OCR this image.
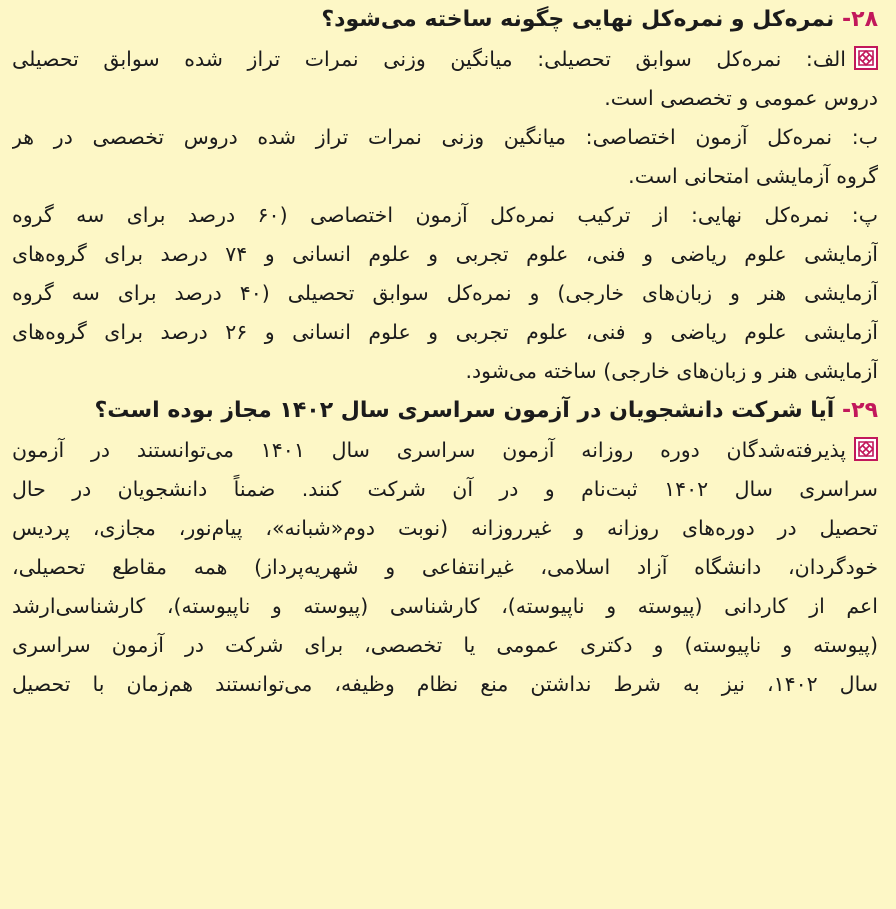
۲۸- نمره‌کل و نمره‌کل نهایی چگونه ساخته می‌شود؟
الف: نمره‌کل سوابق تحصیلی: میانگین وزنی نمرات تراز شده سوابق تحصیلی
دروس عمومی و تخصصی است.
ب: نمره‌کل آزمون اختصاصی: میانگین وزنی نمرات تراز شده دروس تخصصی در هر
گروه آزمایشی امتحانی است.
پ: نمره‌کل نهایی: از ترکیب نمره‌کل آزمون اختصاصی (۶۰ درصد برای سه گروه
آزمایشی علوم ریاضی و فنی، علوم تجربی و علوم انسانی و ۷۴ درصد برای گروه‌های
آزمایشی هنر و زبان‌های خارجی) و نمره‌کل سوابق تحصیلی (۴۰ درصد برای سه گروه
آزمایشی علوم ریاضی و فنی، علوم تجربی و علوم انسانی و ۲۶ درصد برای گروه‌های
آزمایشی هنر و زبان‌های خارجی) ساخته می‌شود.
۲۹- آیا شرکت دانشجویان در آزمون سراسری سال ۱۴۰۲ مجاز بوده است؟
پذیرفته‌شدگان دوره روزانه آزمون سراسری سال ۱۴۰۱ می‌توانستند در آزمون
سراسری سال ۱۴۰۲ ثبت‌نام و در آن شرکت کنند. ضمناً دانشجویان در حال
تحصیل در دوره‌های روزانه و غیرروزانه (نوبت دوم«شبانه»، پیام‌نور، مجازی، پردیس
خودگردان، دانشگاه آزاد اسلامی، غیرانتفاعی و شهریه‌پرداز) همه مقاطع تحصیلی،
اعم از کاردانی (پیوسته و ناپیوسته)، کارشناسی (پیوسته و ناپیوسته)، کارشناسی‌ارشد
(پیوسته و ناپیوسته) و دکتری عمومی یا تخصصی، برای شرکت در آزمون سراسری
سال ۱۴۰۲، نیز به شرط نداشتن منع نظام وظیفه، می‌توانستند هم‌زمان با تحصیل
